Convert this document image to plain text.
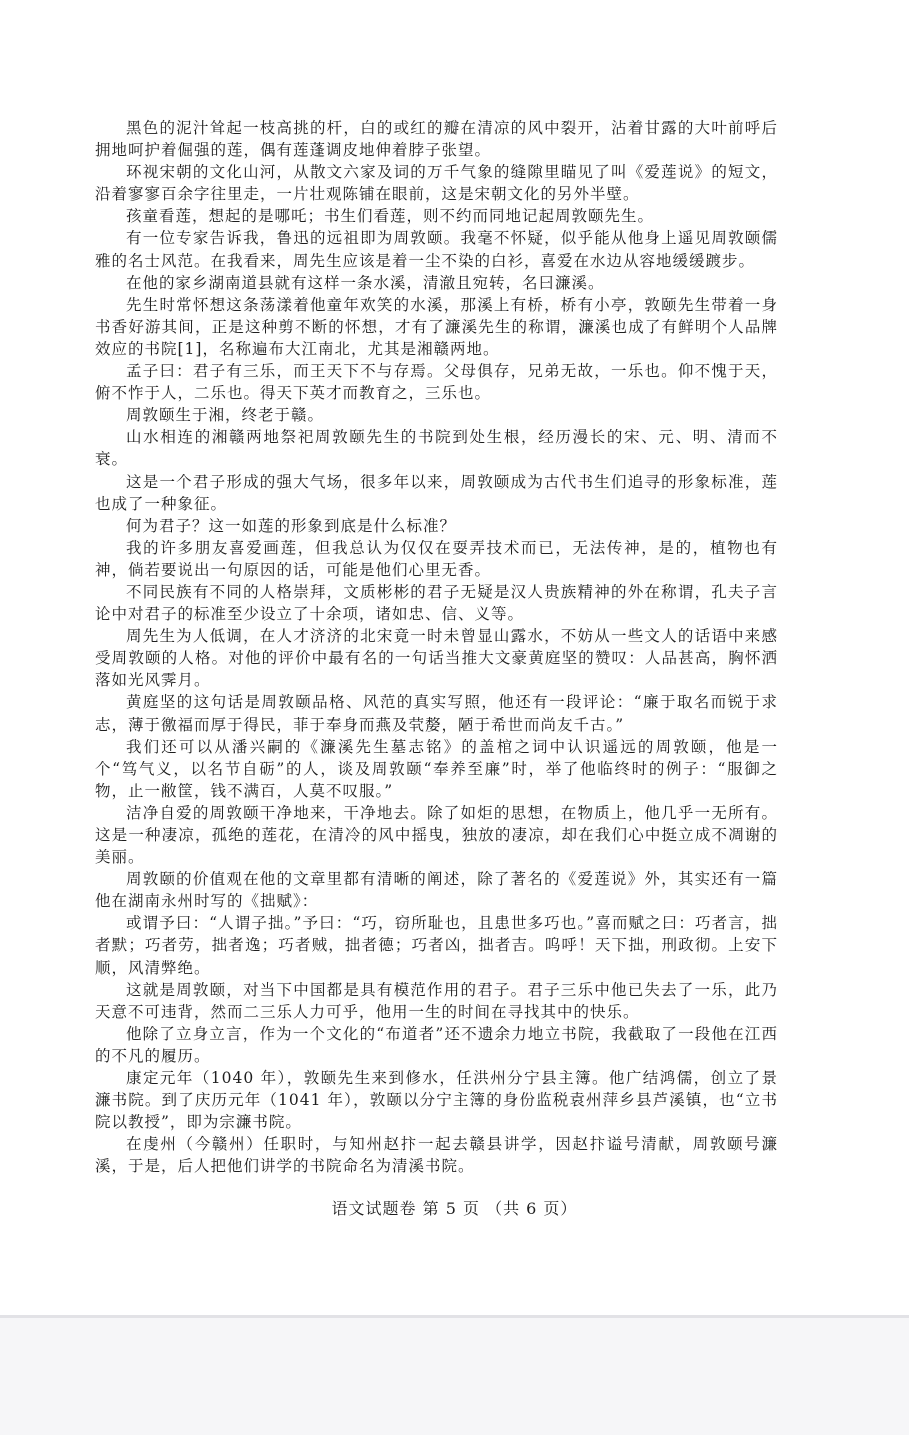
黑色的泥汁耸起一枝高挑的杆，白的或红的瓣在清凉的风中裂开，沾着甘露的大叶前呼后拥地呵护着倔强的莲，偶有莲蓬调皮地伸着脖子张望。

环视宋朝的文化山河，从散文六家及词的万千气象的缝隙里瞄见了叫《爱莲说》的短文，沿着寥寥百余字往里走，一片壮观陈铺在眼前，这是宋朝文化的另外半壁。

孩童看莲，想起的是哪吒；书生们看莲，则不约而同地记起周敦颐先生。

有一位专家告诉我，鲁迅的远祖即为周敦颐。我毫不怀疑，似乎能从他身上遥见周敦颐儒雅的名士风范。在我看来，周先生应该是着一尘不染的白衫，喜爱在水边从容地缓缓踱步。

在他的家乡湖南道县就有这样一条水溪，清澈且宛转，名曰濂溪。

先生时常怀想这条荡漾着他童年欢笑的水溪，那溪上有桥，桥有小亭，敦颐先生带着一身书香好游其间，正是这种剪不断的怀想，才有了濂溪先生的称谓，濂溪也成了有鲜明个人品牌效应的书院[1]，名称遍布大江南北，尤其是湘赣两地。

孟子曰：君子有三乐，而王天下不与存焉。父母俱存，兄弟无故，一乐也。仰不愧于天，俯不怍于人，二乐也。得天下英才而教育之，三乐也。

周敦颐生于湘，终老于赣。

山水相连的湘赣两地祭祀周敦颐先生的书院到处生根，经历漫长的宋、元、明、清而不衰。

这是一个君子形成的强大气场，很多年以来，周敦颐成为古代书生们追寻的形象标准，莲也成了一种象征。

何为君子？这一如莲的形象到底是什么标准？

我的许多朋友喜爱画莲，但我总认为仅仅在耍弄技术而已，无法传神，是的，植物也有神，倘若要说出一句原因的话，可能是他们心里无香。

不同民族有不同的人格崇拜，文质彬彬的君子无疑是汉人贵族精神的外在称谓，孔夫子言论中对君子的标准至少设立了十余项，诸如忠、信、义等。

周先生为人低调，在人才济济的北宋竟一时未曾显山露水，不妨从一些文人的话语中来感受周敦颐的人格。对他的评价中最有名的一句话当推大文豪黄庭坚的赞叹：人品甚高，胸怀洒落如光风霁月。

黄庭坚的这句话是周敦颐品格、风范的真实写照，他还有一段评论：“廉于取名而锐于求志，薄于徼福而厚于得民，菲于奉身而燕及茕嫠，陋于希世而尚友千古。”

我们还可以从潘兴嗣的《濂溪先生墓志铭》的盖棺之词中认识遥远的周敦颐，他是一个“笃气义，以名节自砺”的人，谈及周敦颐“奉养至廉”时，举了他临终时的例子：“服御之物，止一敝筐，钱不满百，人莫不叹服。”

洁净自爱的周敦颐干净地来，干净地去。除了如炬的思想，在物质上，他几乎一无所有。这是一种凄凉，孤绝的莲花，在清冷的风中摇曳，独放的凄凉，却在我们心中挺立成不凋谢的美丽。

周敦颐的价值观在他的文章里都有清晰的阐述，除了著名的《爱莲说》外，其实还有一篇他在湖南永州时写的《拙赋》：

或谓予曰：“人谓子拙。”予曰：“巧，窃所耻也，且患世多巧也。”喜而赋之曰：巧者言，拙者默；巧者劳，拙者逸；巧者贼，拙者德；巧者凶，拙者吉。呜呼！天下拙，刑政彻。上安下顺，风清弊绝。

这就是周敦颐，对当下中国都是具有模范作用的君子。君子三乐中他已失去了一乐，此乃天意不可违背，然而二三乐人力可乎，他用一生的时间在寻找其中的快乐。

他除了立身立言，作为一个文化的“布道者”还不遗余力地立书院，我截取了一段他在江西的不凡的履历。

康定元年（1040 年），敦颐先生来到修水，任洪州分宁县主簿。他广结鸿儒，创立了景濂书院。到了庆历元年（1041 年），敦颐以分宁主簿的身份监税袁州萍乡县芦溪镇，也“立书院以教授”，即为宗濂书院。

在虔州（今赣州）任职时，与知州赵抃一起去赣县讲学，因赵抃谥号清献，周敦颐号濂溪，于是，后人把他们讲学的书院命名为清溪书院。

语文试题卷 第 5 页 （共 6 页）
